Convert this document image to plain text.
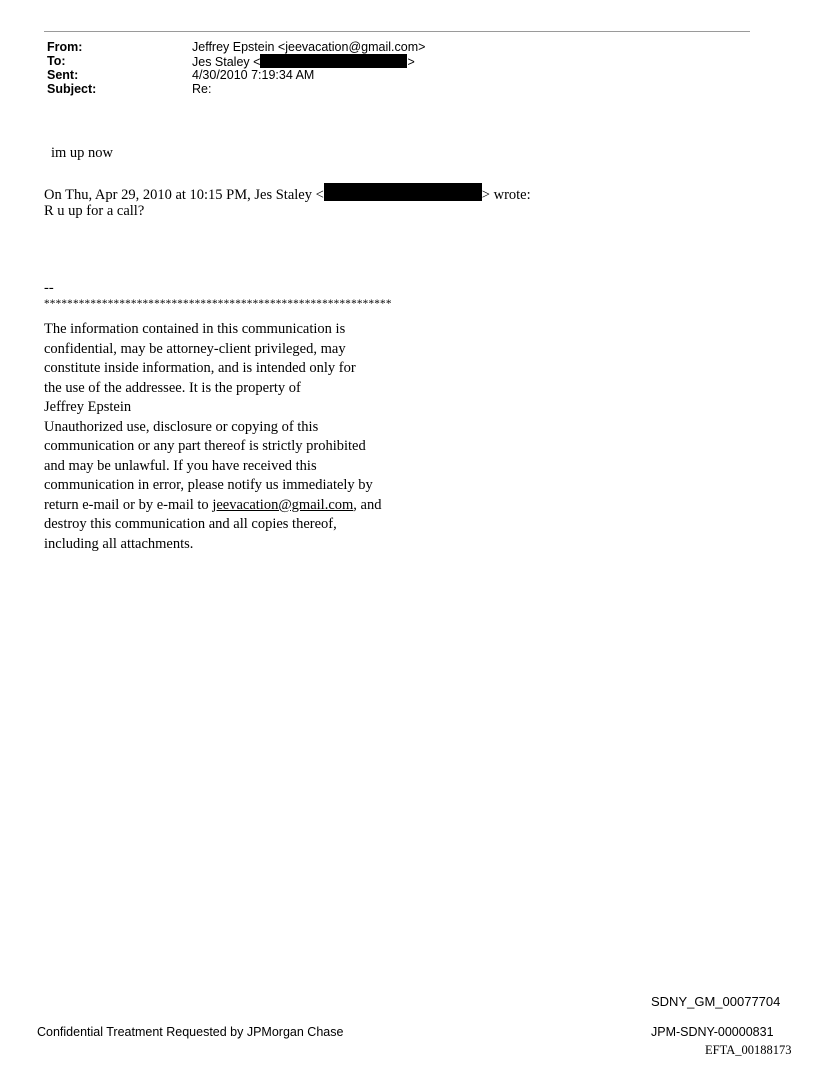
From:	Jeffrey Epstein <jeevacation@gmail.com>
To:	Jes Staley <	>
Sent:	4/30/2010 7:19:34 AM
Subject:	Re:
im up now
On Thu, Apr 29, 2010 at 10:15 PM, Jes Staley <	> wrote:
R u up for a call?
--
************************************************************
The information contained in this communication is
confidential, may be attorney-client privileged, may
constitute inside information, and is intended only for
the use of the addressee. It is the property of
Jeffrey Epstein
Unauthorized use, disclosure or copying of this
communication or any part thereof is strictly prohibited
and may be unlawful. If you have received this
communication in error, please notify us immediately by
return e-mail or by e-mail to jeevacation@gmail.com, and
destroy this communication and all copies thereof,
including all attachments.
SDNY_GM_00077704
Confidential Treatment Requested by JPMorgan Chase	JPM-SDNY-00000831
EFTA_00188173
